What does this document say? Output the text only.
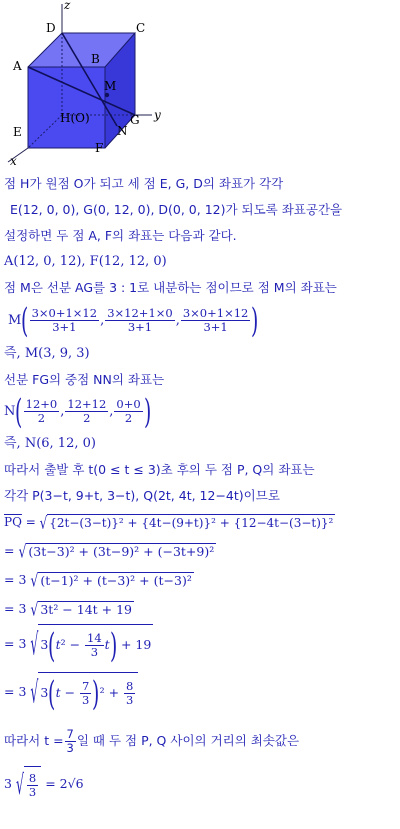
z
y
x
A	B
C
D
E
F
G
H(O)
M
N
점 H가 원점 O가 되고 세 점 E, G, D의 좌표가 각각
E(12, 0, 0), G(0, 12, 0), D(0, 0, 12)가 되도록 좌표공간을
설정하면 두 점 A, F의 좌표는 다음과 같다.
A(12, 0, 12), F(12, 12, 0)
점 M은 선분 AG를 3 : 1로 내분하는 점이므로 점 M의 좌표는
$M( \frac{3\times 0+1\times 12}{3+1}$ , $\frac{3\times 12+1\times 0}{3+1}$ , $\frac{3\times 0+1\times 12}{3+1}$ )
즉, M(3, 9, 3)
선분 FG의 중점 NN의 좌표는
$N( \frac{12+0}{2}$ , $\frac{12+12}{2}$ , $\frac{0+0}{2}$ )
즉, N(6, 12, 0)
따라서 출발 후 t(0 ≤ t ≤ 3)초 후의 두 점 P, Q의 좌표는
각각 P(3−t, 9+t, 3−t), Q(2t, 4t, 12−4t)이므로
$\overline{PQ}$ = √ {2t−(3−t)}² + {4t−(9+t)}² + {12−4t−(3−t)}²
= √ (3t−3)² + (3t−9)² + (−3t+9)²
= 3 √ (t−1)² + (t−3)² + (t−3)²
= 3 √ 3t² − 14t + 19
= 3 √ $3(t^2 - \frac{14}{3} t) + 19$
= 3 √ $3(t - \frac{7}{3} )^2 + \frac{8}{3}$
따라서 $t = \frac{7}{3}$ 일 때 두 점 P, Q 사이의 거리의 최솟값은
3 √ $\frac{8}{3} = 2√6$
